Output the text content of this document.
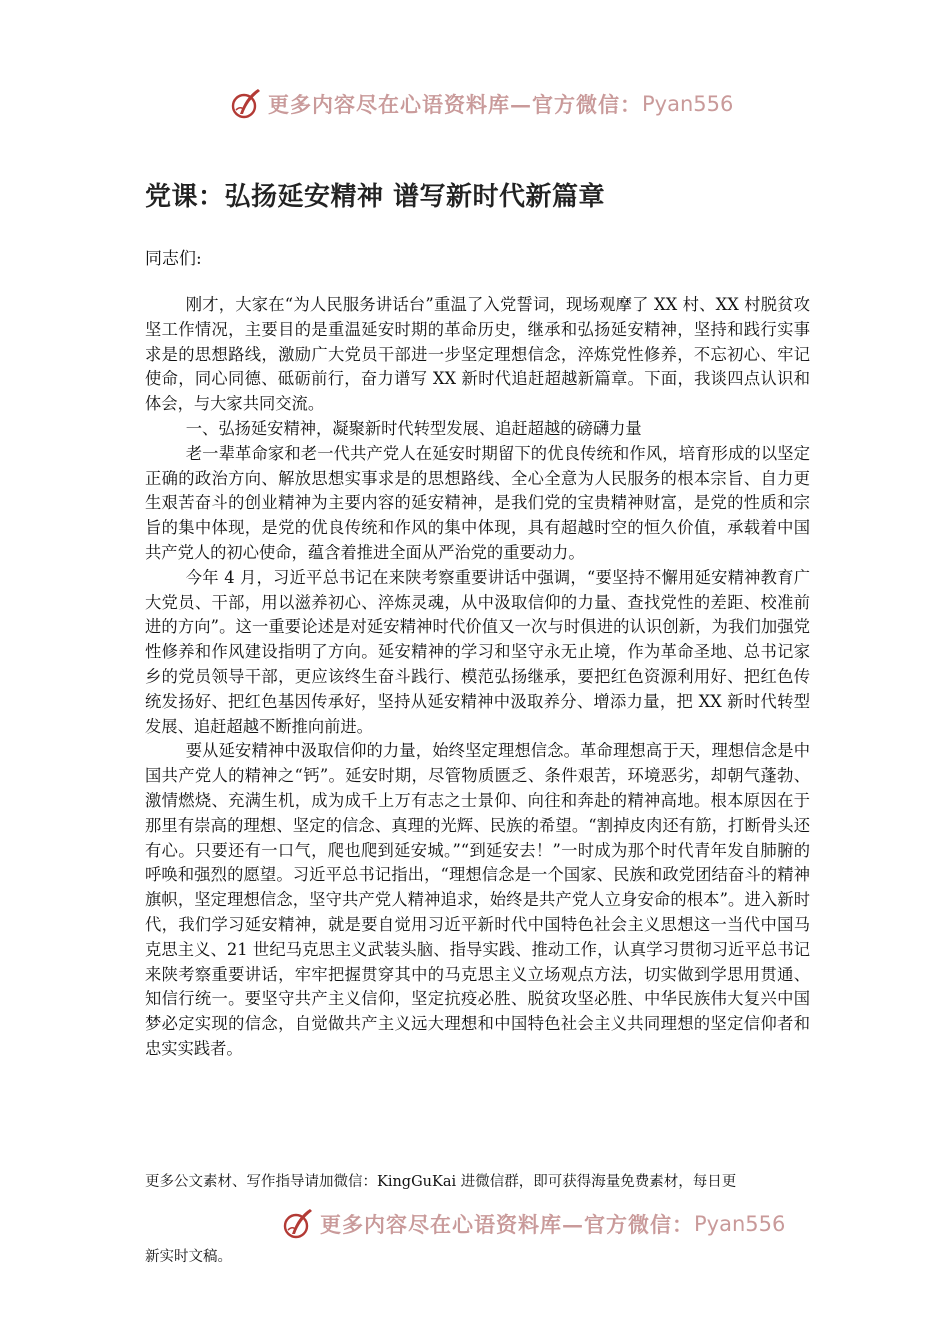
更多内容尽在心语资料库—官方微信： Pyan556
党课：弘扬延安精神 谱写新时代新篇章
同志们:

刚才，大家在“为人民服务讲话台”重温了入党誓词，现场观摩了 XX 村、XX 村脱贫攻坚工作情况，主要目的是重温延安时期的革命历史，继承和弘扬延安精神，坚持和践行实事求是的思想路线，激励广大党员干部进一步坚定理想信念，淬炼党性修养，不忘初心、牢记使命，同心同德、砥砺前行，奋力谱写 XX 新时代追赶超越新篇章。下面，我谈四点认识和体会，与大家共同交流。

一、弘扬延安精神，凝聚新时代转型发展、追赶超越的磅礴力量

老一辈革命家和老一代共产党人在延安时期留下的优良传统和作风，培育形成的以坚定正确的政治方向、解放思想实事求是的思想路线、全心全意为人民服务的根本宗旨、自力更生艰苦奋斗的创业精神为主要内容的延安精神，是我们党的宝贵精神财富，是党的性质和宗旨的集中体现，是党的优良传统和作风的集中体现，具有超越时空的恒久价值，承载着中国共产党人的初心使命，蕴含着推进全面从严治党的重要动力。

今年 4 月，习近平总书记在来陕考察重要讲话中强调，“要坚持不懈用延安精神教育广大党员、干部，用以滋养初心、淬炼灵魂，从中汲取信仰的力量、查找党性的差距、校准前进的方向”。这一重要论述是对延安精神时代价值又一次与时俱进的认识创新，为我们加强党性修养和作风建设指明了方向。延安精神的学习和坚守永无止境，作为革命圣地、总书记家乡的党员领导干部，更应该终生奋斗践行、模范弘扬继承，要把红色资源利用好、把红色传统发扬好、把红色基因传承好，坚持从延安精神中汲取养分、增添力量，把 XX 新时代转型发展、追赶超越不断推向前进。

要从延安精神中汲取信仰的力量，始终坚定理想信念。革命理想高于天，理想信念是中国共产党人的精神之“钙”。延安时期，尽管物质匮乏、条件艰苦，环境恶劣，却朝气蓬勃、激情燃烧、充满生机，成为成千上万有志之士景仰、向往和奔赴的精神高地。根本原因在于那里有崇高的理想、坚定的信念、真理的光辉、民族的希望。“割掉皮肉还有筋，打断骨头还有心。只要还有一口气，爬也爬到延安城。”“到延安去！”一时成为那个时代青年发自肺腑的呼唤和强烈的愿望。习近平总书记指出，“理想信念是一个国家、民族和政党团结奋斗的精神旗帜，坚定理想信念，坚守共产党人精神追求，始终是共产党人立身安命的根本”。进入新时代，我们学习延安精神，就是要自觉用习近平新时代中国特色社会主义思想这一当代中国马克思主义、21 世纪马克思主义武装头脑、指导实践、推动工作，认真学习贯彻习近平总书记来陕考察重要讲话，牢牢把握贯穿其中的马克思主义立场观点方法，切实做到学思用贯通、知信行统一。要坚守共产主义信仰，坚定抗疫必胜、脱贫攻坚必胜、中华民族伟大复兴中国梦必定实现的信念，自觉做共产主义远大理想和中国特色社会主义共同理想的坚定信仰者和忠实实践者。

更多公文素材、写作指导请加微信：KingGuKai 进微信群，即可获得海量免费素材，每日更
更多内容尽在心语资料库—官方微信： Pyan556
新实时文稿。
